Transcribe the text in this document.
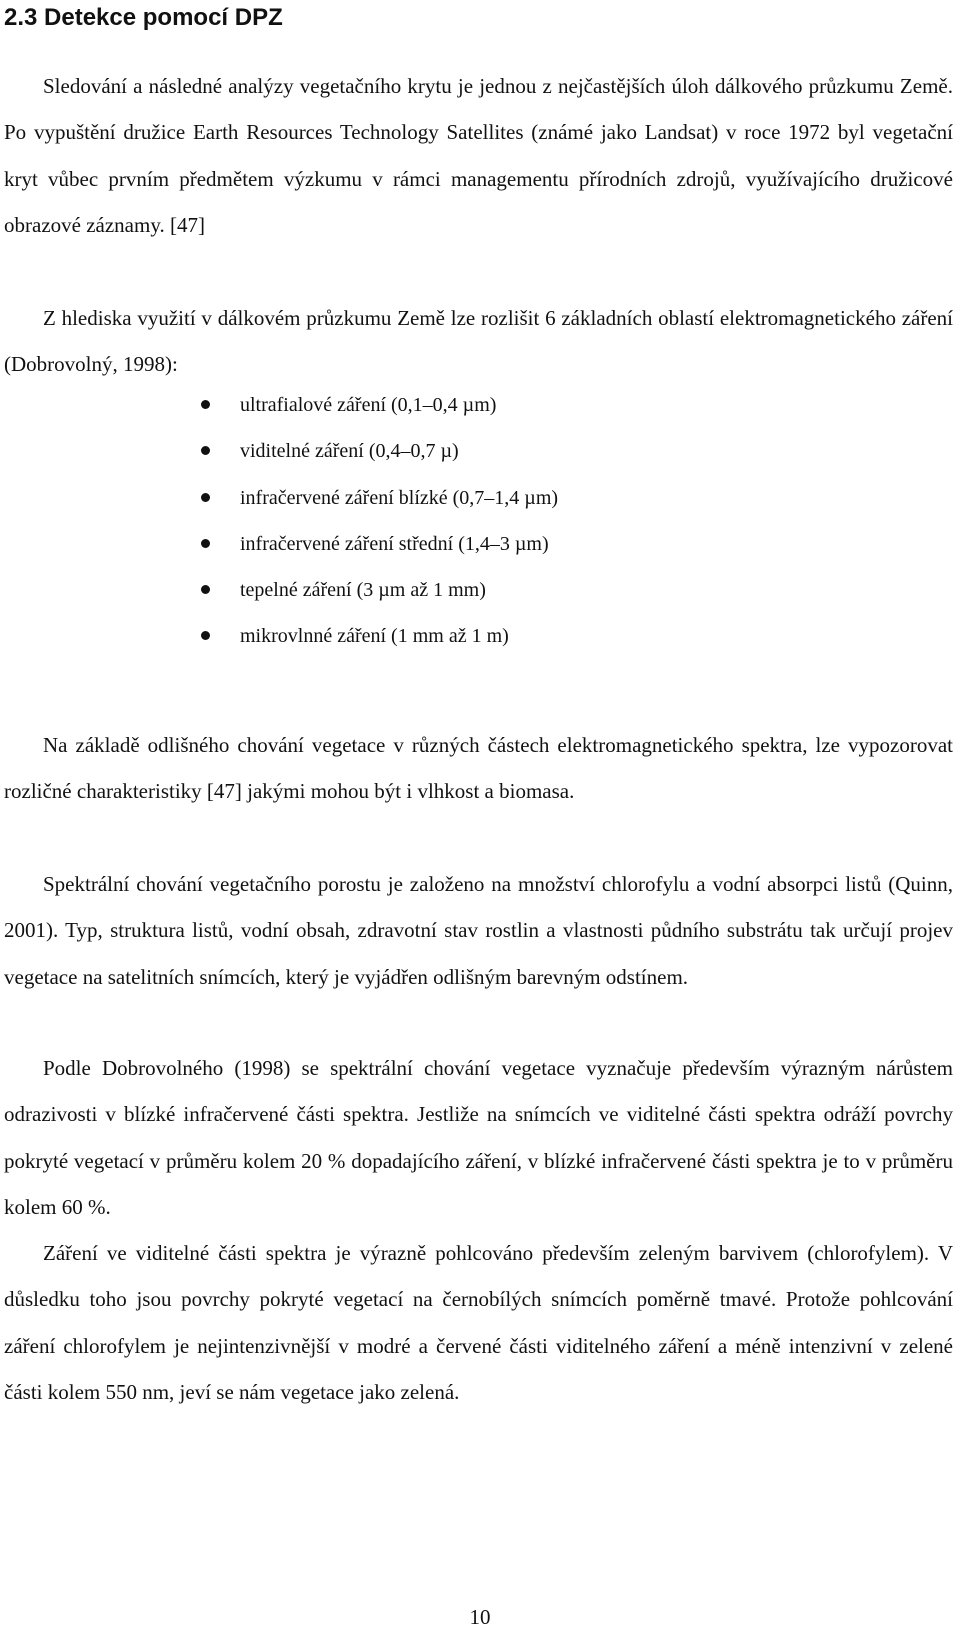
2.3 Detekce pomocí DPZ

Sledování a následné analýzy vegetačního krytu je jednou z nejčastějších úloh dálkového průzkumu Země. Po vypuštění družice Earth Resources Technology Satellites (známé jako Landsat) v roce 1972 byl vegetační kryt vůbec prvním předmětem výzkumu v rámci managementu přírodních zdrojů, využívajícího družicové obrazové záznamy. [47]

Z hlediska využití v dálkovém průzkumu Země lze rozlišit 6 základních oblastí elektromagnetického záření (Dobrovolný, 1998):

ultrafialové záření (0,1–0,4 µm)
viditelné záření (0,4–0,7 µ)
infračervené záření blízké (0,7–1,4 µm)
infračervené záření střední (1,4–3 µm)
tepelné záření (3 µm až 1 mm)
mikrovlnné záření (1 mm až 1 m)

Na základě odlišného chování vegetace v různých částech elektromagnetického spektra, lze vypozorovat rozličné charakteristiky [47] jakými mohou být i vlhkost a biomasa.

Spektrální chování vegetačního porostu je založeno na množství chlorofylu a vodní absorpci listů (Quinn, 2001). Typ, struktura listů, vodní obsah, zdravotní stav rostlin a vlastnosti půdního substrátu tak určují projev vegetace na satelitních snímcích, který je vyjádřen odlišným barevným odstínem.

Podle Dobrovolného (1998) se spektrální chování vegetace vyznačuje především výrazným nárůstem odrazivosti v blízké infračervené části spektra. Jestliže na snímcích ve viditelné části spektra odráží povrchy pokryté vegetací v průměru kolem 20 % dopadajícího záření, v blízké infračervené části spektra je to v průměru kolem 60 %.

Záření ve viditelné části spektra je výrazně pohlcováno především zeleným barvivem (chlorofylem). V důsledku toho jsou povrchy pokryté vegetací na černobílých snímcích poměrně tmavé. Protože pohlcování záření chlorofylem je nejintenzivnější v modré a červené části viditelného záření a méně intenzivní v zelené části kolem 550 nm, jeví se nám vegetace jako zelená.

10
